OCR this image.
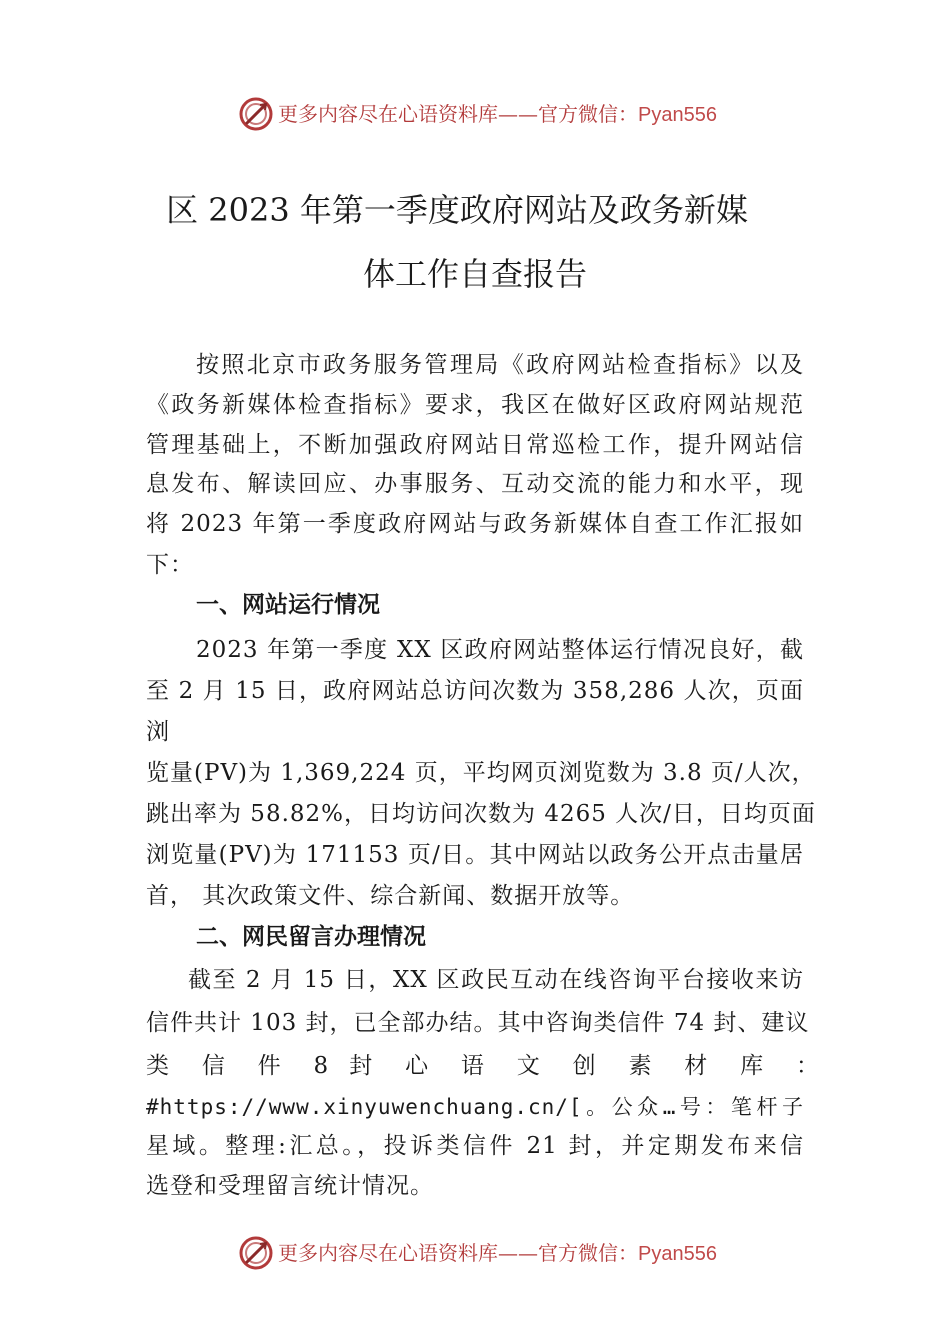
更多内容尽在心语资料库——官方微信：Pyan556
区 2023 年第一季度政府网站及政务新媒
体工作自查报告
按照北京市政务服务管理局《政府网站检查指标》以及
《政务新媒体检查指标》要求，我区在做好区政府网站规范
管理基础上，不断加强政府网站日常巡检工作，提升网站信
息发布、解读回应、办事服务、互动交流的能力和水平，现
将 2023 年第一季度政府网站与政务新媒体自查工作汇报如
下：
一、网站运行情况
2023 年第一季度 XX 区政府网站整体运行情况良好，截
至 2 月 15 日，政府网站总访问次数为 358,286 人次，页面
浏
览量(PV)为 1,369,224 页，平均网页浏览数为 3.8 页/人次，
跳出率为 58.82%，日均访问次数为 4265 人次/日，日均页面
浏览量(PV)为 171153 页/日。其中网站以政务公开点击量居
首， 其次政策文件、综合新闻、数据开放等。
二、网民留言办理情况
截至 2 月 15 日，XX 区政民互动在线咨询平台接收来访
信件共计 103 封，已全部办结。其中咨询类信件 74 封、建议
类 信 件 8 封 心 语 文 创 素 材 库 ：
#https://www.xinyuwenchuang.cn/[。公众…号：笔杆子
星域。整理:汇总。，投诉类信件 21 封，并定期发布来信
选登和受理留言统计情况。
更多内容尽在心语资料库——官方微信：Pyan556
